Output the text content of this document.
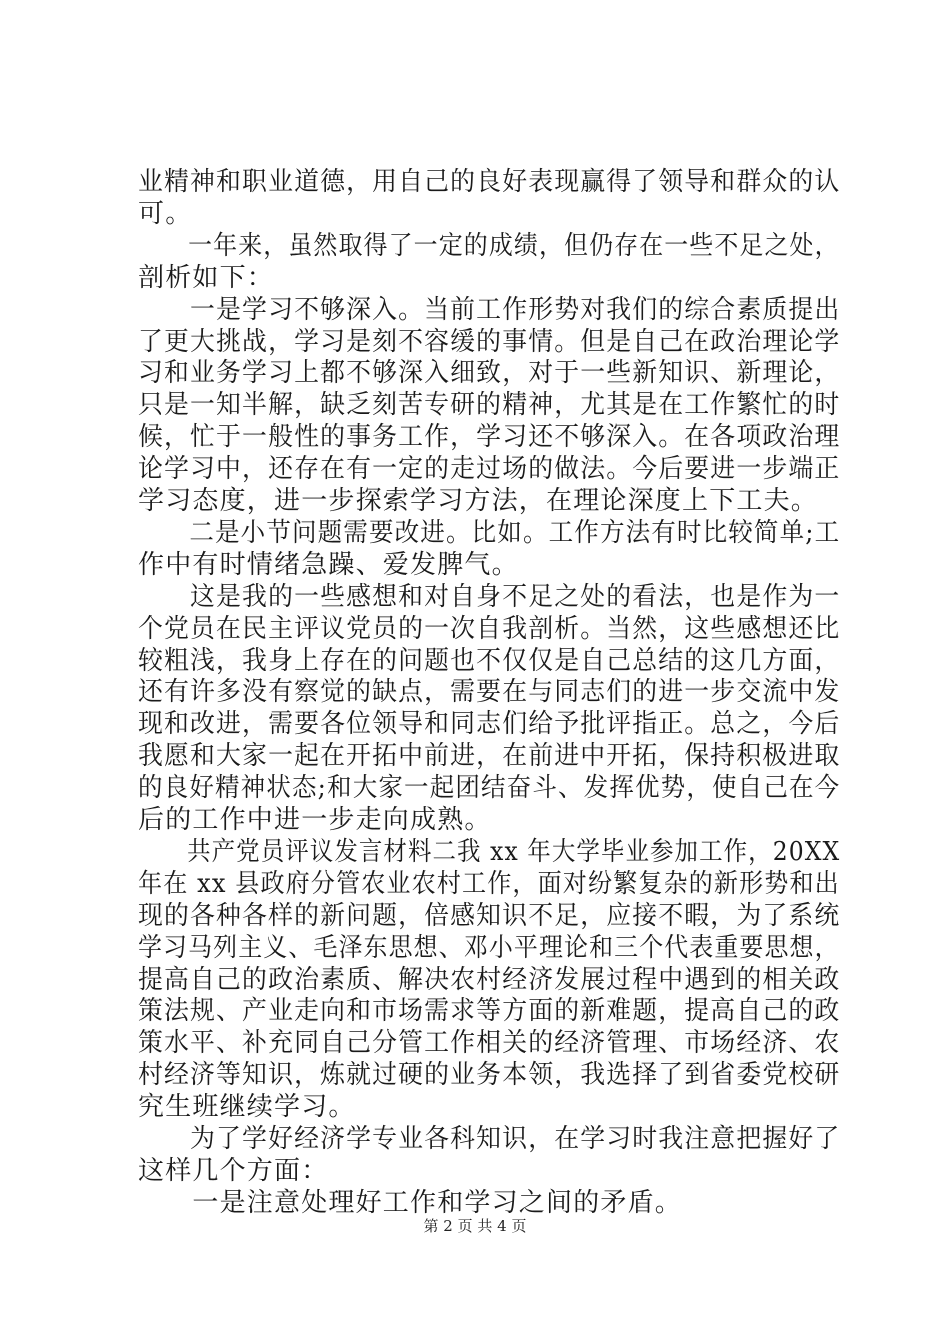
业精神和职业道德，用自己的良好表现赢得了领导和群众的认
可。
　　一年来，虽然取得了一定的成绩，但仍存在一些不足之处，
剖析如下：
　　一是学习不够深入。当前工作形势对我们的综合素质提出
了更大挑战，学习是刻不容缓的事情。但是自己在政治理论学
习和业务学习上都不够深入细致，对于一些新知识、新理论，
只是一知半解，缺乏刻苦专研的精神，尤其是在工作繁忙的时
候，忙于一般性的事务工作，学习还不够深入。在各项政治理
论学习中，还存在有一定的走过场的做法。今后要进一步端正
学习态度，进一步探索学习方法，在理论深度上下工夫。
　　二是小节问题需要改进。比如。工作方法有时比较简单;工
作中有时情绪急躁、爱发脾气。
　　这是我的一些感想和对自身不足之处的看法，也是作为一
个党员在民主评议党员的一次自我剖析。当然，这些感想还比
较粗浅，我身上存在的问题也不仅仅是自己总结的这几方面，
还有许多没有察觉的缺点，需要在与同志们的进一步交流中发
现和改进，需要各位领导和同志们给予批评指正。总之，今后
我愿和大家一起在开拓中前进，在前进中开拓，保持积极进取
的良好精神状态;和大家一起团结奋斗、发挥优势，使自己在今
后的工作中进一步走向成熟。
　　共产党员评议发言材料二我 xx 年大学毕业参加工作，20XX
年在 xx 县政府分管农业农村工作，面对纷繁复杂的新形势和出
现的各种各样的新问题，倍感知识不足，应接不暇，为了系统
学习马列主义、毛泽东思想、邓小平理论和三个代表重要思想，
提高自己的政治素质、解决农村经济发展过程中遇到的相关政
策法规、产业走向和市场需求等方面的新难题，提高自己的政
策水平、补充同自己分管工作相关的经济管理、市场经济、农
村经济等知识，炼就过硬的业务本领，我选择了到省委党校研
究生班继续学习。
　　为了学好经济学专业各科知识，在学习时我注意把握好了
这样几个方面：
　　一是注意处理好工作和学习之间的矛盾。
第 2 页 共 4 页
